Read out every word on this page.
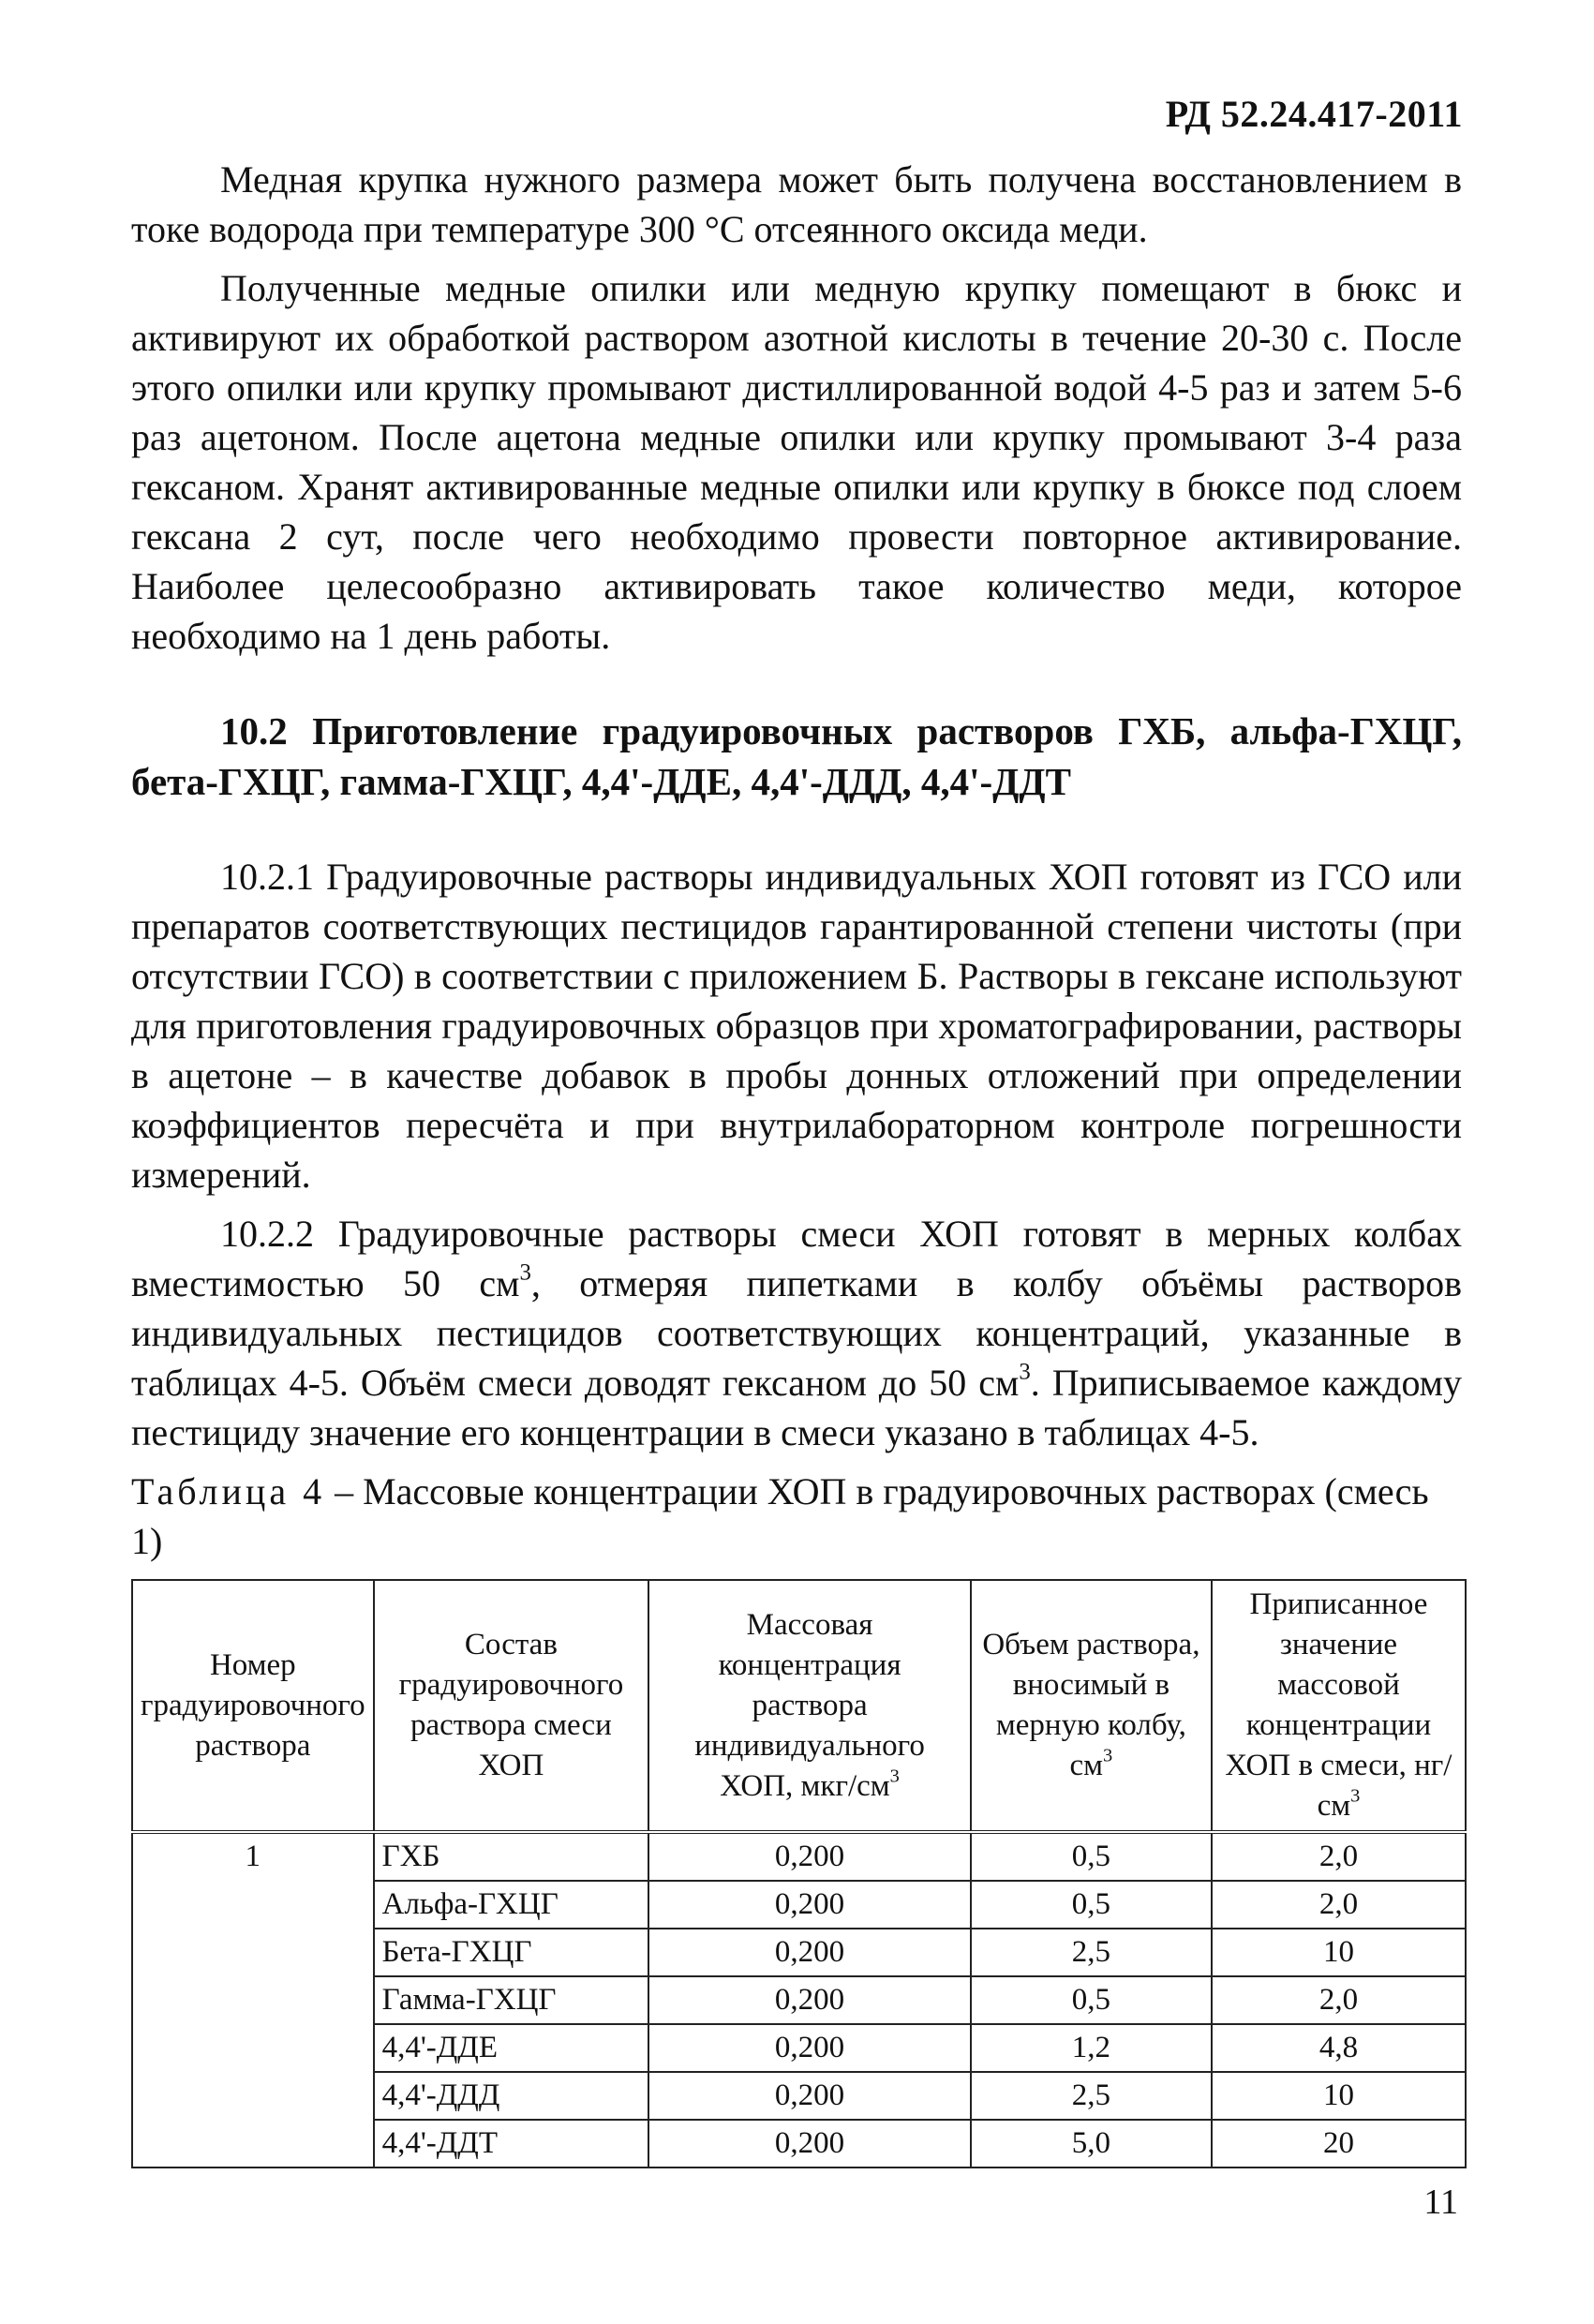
РД 52.24.417-2011

Медная крупка нужного размера может быть получена восстановлением в токе водорода при температуре 300 °С отсеянного оксида меди.

Полученные медные опилки или медную крупку помещают в бюкс и активируют их обработкой раствором азотной кислоты в течение 20-30 с. После этого опилки или крупку промывают дистиллированной водой 4-5 раз и затем 5-6 раз ацетоном. После ацетона медные опилки или крупку промывают 3-4 раза гексаном. Хранят активированные медные опилки или крупку в бюксе под слоем гексана 2 сут, после чего необходимо провести повторное активирование. Наиболее целесообразно активировать такое количество меди, которое необходимо на 1 день работы.

10.2 Приготовление градуировочных растворов ГХБ, альфа-ГХЦГ, бета-ГХЦГ, гамма-ГХЦГ, 4,4'-ДДЕ, 4,4'-ДДД, 4,4'-ДДТ

10.2.1 Градуировочные растворы индивидуальных ХОП готовят из ГСО или препаратов соответствующих пестицидов гарантированной степени чистоты (при отсутствии ГСО) в соответствии с приложением Б. Растворы в гексане используют для приготовления градуировочных образцов при хроматографировании, растворы в ацетоне – в качестве добавок в пробы донных отложений при определении коэффициентов пересчёта и при внутрилабораторном контроле погрешности измерений.

10.2.2 Градуировочные растворы смеси ХОП готовят в мерных колбах вместимостью 50 $см^3$, отмеряя пипетками в колбу объёмы растворов индивидуальных пестицидов соответствующих концентраций, указанные в таблицах 4-5. Объём смеси доводят гексаном до 50 $см^3$. Приписываемое каждому пестициду значение его концентрации в смеси указано в таблицах 4-5.

Таблица 4 – Массовые концентрации ХОП в градуировочных растворах (смесь 1)
Номер градуировочного раствора	Состав градуировочного раствора смеси ХОП	Массовая концентрация раствора индивидуального ХОП, мкг/$см^3$	Объем раствора, вносимый в мерную колбу, $см^3$	Приписанное значение массовой концентрации ХОП в смеси, $нг/см^3$
1	ГХБ	0,200	0,5	2,0
	Альфа-ГХЦГ	0,200	0,5	2,0
	Бета-ГХЦГ	0,200	2,5	10
	Гамма-ГХЦГ	0,200	0,5	2,0
	4,4'-ДДЕ	0,200	1,2	4,8
	4,4'-ДДД	0,200	2,5	10
	4,4'-ДДТ	0,200	5,0	20
11
